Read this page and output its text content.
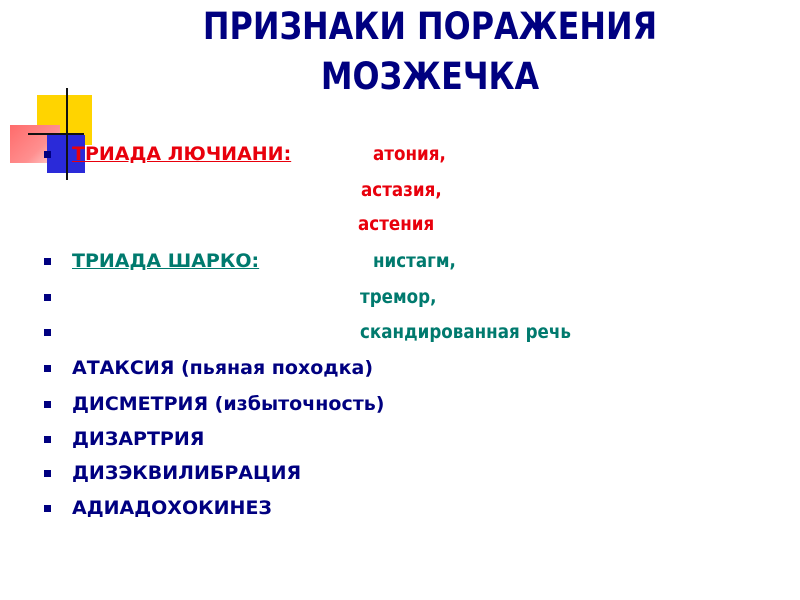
ПРИЗНАКИ ПОРАЖЕНИЯ
МОЗЖЕЧКА
ТРИАДА ЛЮЧИАНИ:	атония,
астазия,
астения
ТРИАДА ШАРКО:	нистагм,
тремор,
скандированная речь
АТАКСИЯ (пьяная походка)
ДИСМЕТРИЯ (избыточность)
ДИЗАРТРИЯ
ДИЗЭКВИЛИБРАЦИЯ
АДИАДОХОКИНЕЗ
